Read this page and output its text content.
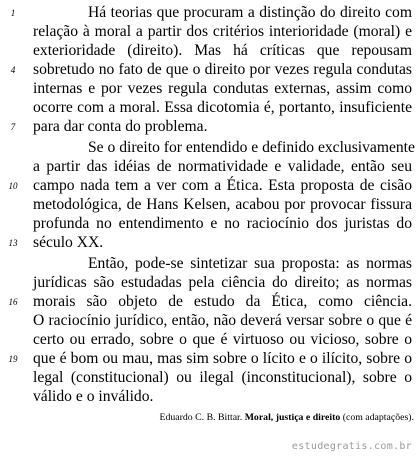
Há teorias que procuram a distinção do direito com
relação à moral a partir dos critérios interioridade (moral) e
exterioridade (direito). Mas há críticas que repousam
sobretudo no fato de que o direito por vezes regula condutas
internas e por vezes regula condutas externas, assim como
ocorre com a moral. Essa dicotomia é, portanto, insuficiente
para dar conta do problema.
Se o direito for entendido e definido exclusivamente
a partir das idéias de normatividade e validade, então seu
campo nada tem a ver com a Ética. Esta proposta de cisão
metodológica, de Hans Kelsen, acabou por provocar fissura
profunda no entendimento e no raciocínio dos juristas do
século XX.
Então, pode-se sintetizar sua proposta: as normas
jurídicas são estudadas pela ciência do direito; as normas
morais são objeto de estudo da Ética, como ciência.
O raciocínio jurídico, então, não deverá versar sobre o que é
certo ou errado, sobre o que é virtuoso ou vicioso, sobre o
que é bom ou mau, mas sim sobre o lícito e o ilícito, sobre o
legal (constitucional) ou ilegal (inconstitucional), sobre o
válido e o inválido.
1
4
7
10
13
16
19
estudegratis.com.br
Eduardo C. B. Bittar. Moral, justiça e direito (com adaptações).
